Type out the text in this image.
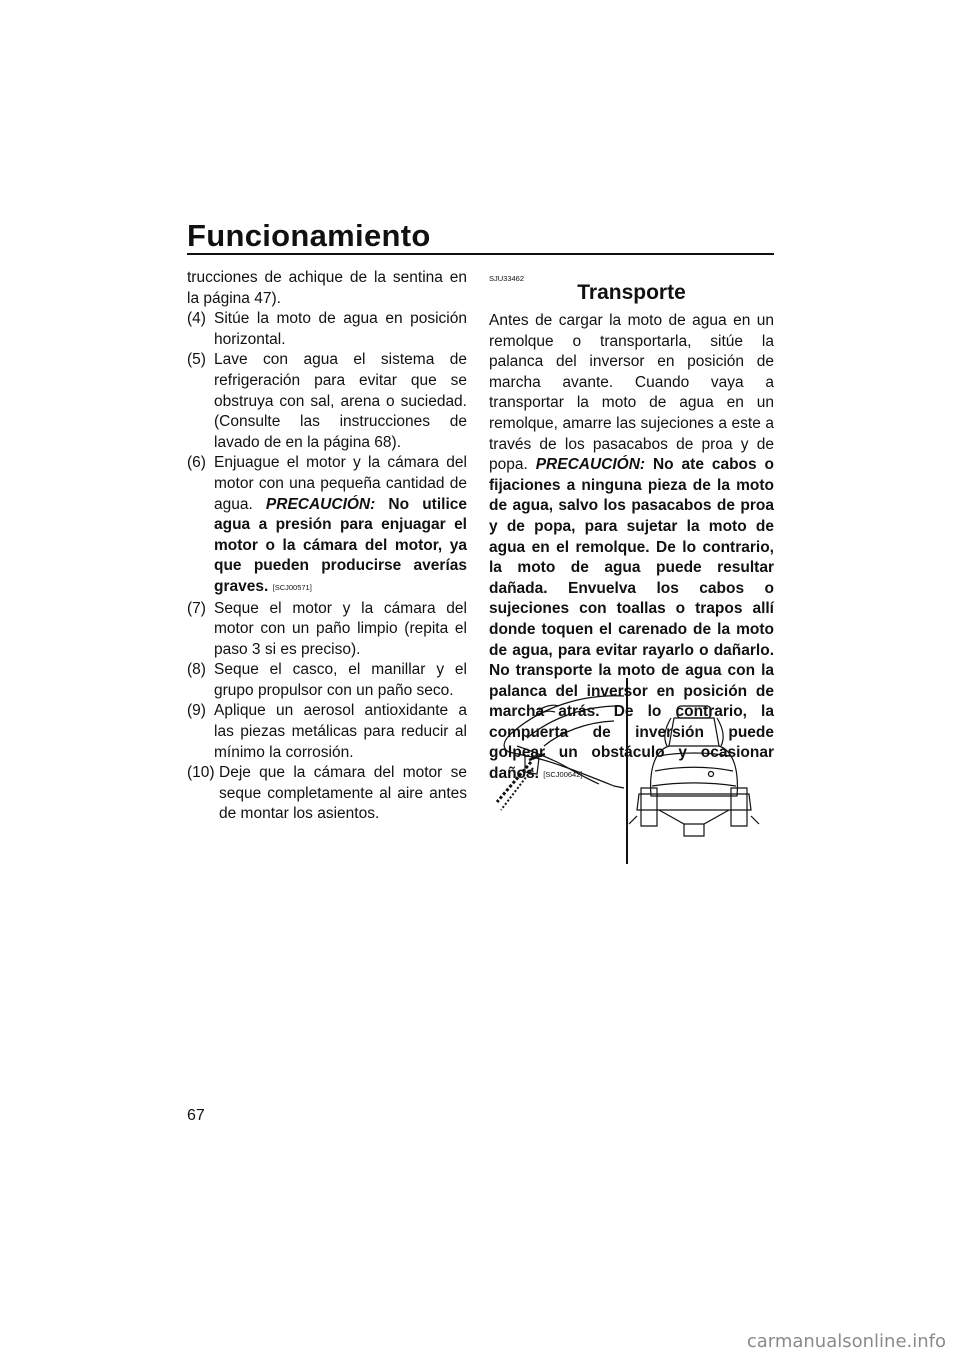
Funcionamiento

trucciones de achique de la sentina en la página 47).

(4) Sitúe la moto de agua en posición horizontal.
(5) Lave con agua el sistema de refrigeración para evitar que se obstruya con sal, arena o suciedad. (Consulte las instrucciones de lavado de en la página 68).
(6) Enjuague el motor y la cámara del motor con una pequeña cantidad de agua. PRECAUCIÓN: No utilice agua a presión para enjuagar el motor o la cámara del motor, ya que pueden producirse averías graves. [SCJ00571]
(7) Seque el motor y la cámara del motor con un paño limpio (repita el paso 3 si es preciso).
(8) Seque el casco, el manillar y el grupo propulsor con un paño seco.
(9) Aplique un aerosol antioxidante a las piezas metálicas para reducir al mínimo la corrosión.
(10) Deje que la cámara del motor se seque completamente al aire antes de montar los asientos.
SJU33462
Transporte

Antes de cargar la moto de agua en un remolque o transportarla, sitúe la palanca del inversor en posición de marcha avante. Cuando vaya a transportar la moto de agua en un remolque, amarre las sujeciones a este a través de los pasacabos de proa y de popa. PRECAUCIÓN: No ate cabos o fijaciones a ninguna pieza de la moto de agua, salvo los pasacabos de proa y de popa, para sujetar la moto de agua en el remolque. De lo contrario, la moto de agua puede resultar dañada. Envuelva los cabos o sujeciones con toallas o trapos allí donde toquen el carenado de la moto de agua, para evitar rayarlo o dañarlo. No transporte la moto de agua con la palanca del inversor en posición de marcha atrás. De lo contrario, la compuerta de inversión puede golpear un obstáculo y ocasionar daños. [SCJ00642]

67
carmanualsonline.info
